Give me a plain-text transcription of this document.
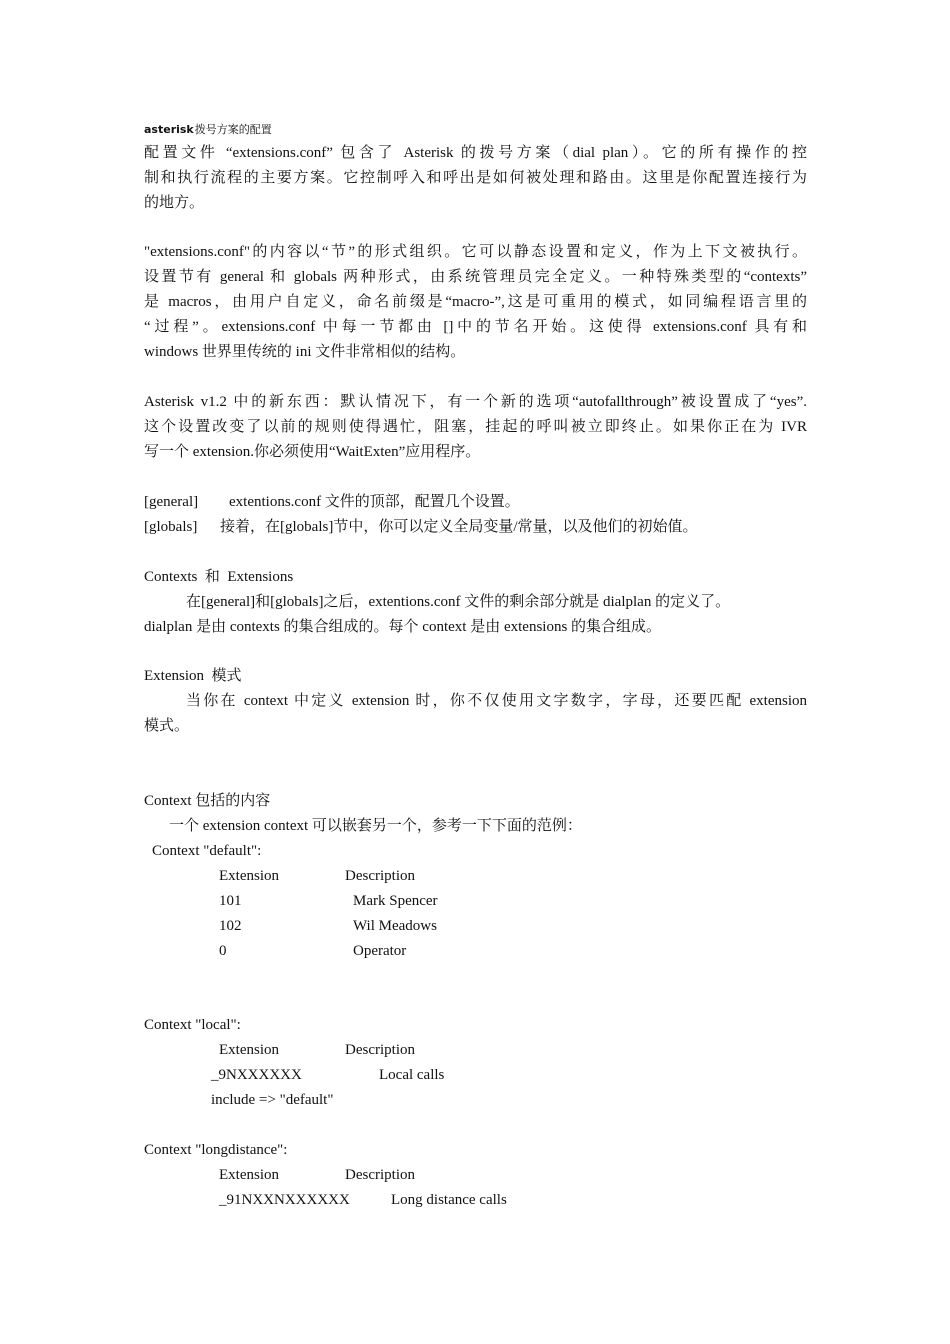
asterisk拨号方案的配置
配置文件 “extensions.conf” 包含了 Asterisk 的拨号方案（dial plan）。它的所有操作的控
制和执行流程的主要方案。它控制呼入和呼出是如何被处理和路由。这里是你配置连接行为
的地方。
"extensions.conf"的内容以“节”的形式组织。它可以静态设置和定义，作为上下文被执行。
设置节有 general 和 globals 两种形式，由系统管理员完全定义。一种特殊类型的“contexts”
是 macros，由用户自定义，命名前缀是“macro-”,这是可重用的模式，如同编程语言里的
“过程”。extensions.conf 中每一节都由 []中的节名开始。这使得 extensions.conf 具有和
windows 世界里传统的 ini 文件非常相似的结构。
Asterisk v1.2 中的新东西：默认情况下，有一个新的选项“autofallthrough”被设置成了“yes”.
这个设置改变了以前的规则使得遇忙，阻塞，挂起的呼叫被立即终止。如果你正在为 IVR
写一个 extension.你必须使用“WaitExten”应用程序。
[general] extentions.conf 文件的顶部，配置几个设置。
[globals] 接着，在[globals]节中，你可以定义全局变量/常量，以及他们的初始值。
Contexts  和  Extensions
在[general]和[globals]之后，extentions.conf 文件的剩余部分就是 dialplan 的定义了。
dialplan 是由 contexts 的集合组成的。每个 context 是由 extensions 的集合组成。
Extension  模式
当你在 context 中定义 extension 时，你不仅使用文字数字，字母，还要匹配 extension
模式。
Context 包括的内容
一个 extension context 可以嵌套另一个，参考一下下面的范例：
Context "default":
Extension	Description
101	Mark Spencer
102	Wil Meadows
0	Operator
Context "local":
Extension	Description
_9NXXXXXX	Local calls
include => "default"
Context "longdistance":
Extension	Description
_91NXXNXXXXXX	Long distance calls
